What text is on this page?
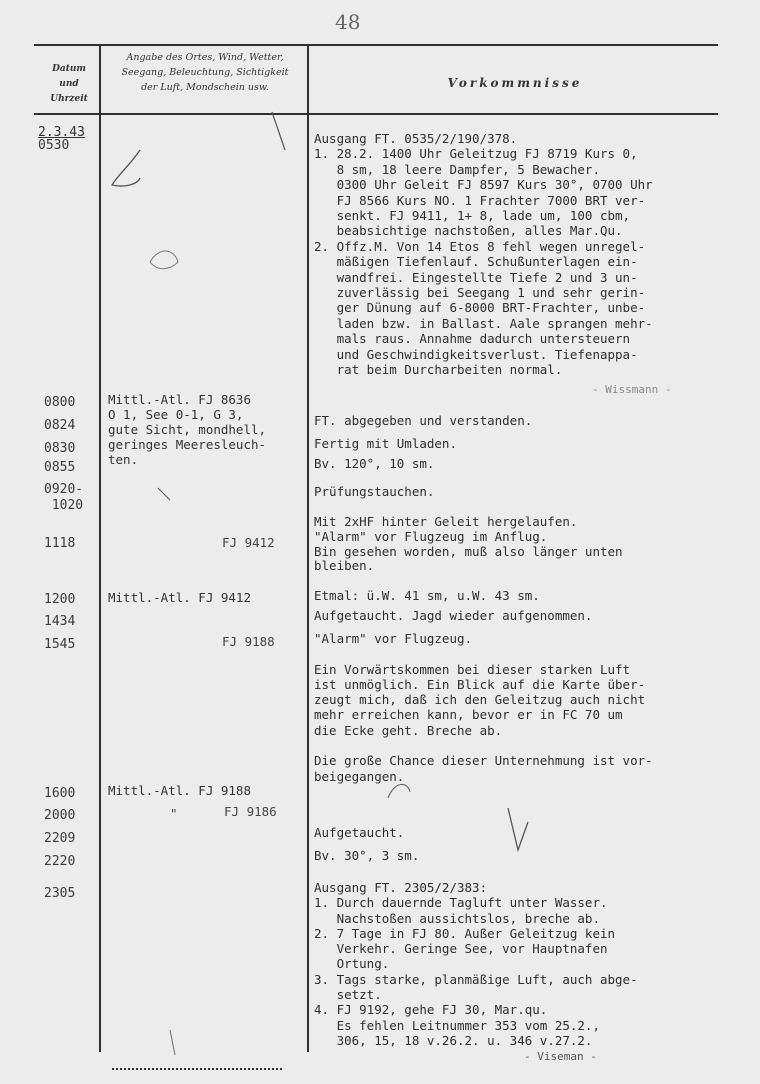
48
Datum
und
Uhrzeit
Angabe des Ortes, Wind, Wetter,
Seegang, Beleuchtung, Sichtigkeit
der Luft, Mondschein usw.	Vorkommnisse
2.3.43
0530
0800
0824
0830
0855
0920-
1020
1118
1200
1434
1545
1600
2000
2209
2220
2305
Mittl.-Atl. FJ 8636
O 1, See 0-1, G 3,
gute Sicht, mondhell,
geringes Meeresleuch-
ten.
FJ 9412
Mittl.-Atl. FJ 9412
FJ 9188
Mittl.-Atl. FJ 9188
"	FJ 9186
Ausgang FT. 0535/2/190/378.
1. 28.2. 1400 Uhr Geleitzug FJ 8719 Kurs 0,
8 sm, 18 leere Dampfer, 5 Bewacher.
0300 Uhr Geleit FJ 8597 Kurs 30°, 0700 Uhr
FJ 8566 Kurs NO. 1 Frachter 7000 BRT ver-
senkt. FJ 9411, 1+ 8, lade um, 100 cbm,
beabsichtige nachstoßen, alles Mar.Qu.
2. Offz.M. Von 14 Etos 8 fehl wegen unregel-
mäßigen Tiefenlauf. Schußunterlagen ein-
wandfrei. Eingestellte Tiefe 2 und 3 un-
zuverlässig bei Seegang 1 und sehr gerin-
ger Dünung auf 6-8000 BRT-Frachter, unbe-
laden bzw. in Ballast. Aale sprangen mehr-
mals raus. Annahme dadurch untersteuern
und Geschwindigkeitsverlust. Tiefenappa-
rat beim Durcharbeiten normal.
FT. abgegeben und verstanden.
Fertig mit Umladen.
Bv. 120°, 10 sm.
Prüfungstauchen.

Mit 2xHF hinter Geleit hergelaufen.
"Alarm" vor Flugzeug im Anflug.
Bin gesehen worden, muß also länger unten
bleiben.
Etmal: ü.W. 41 sm, u.W. 43 sm.
Aufgetaucht. Jagd wieder aufgenommen.
"Alarm" vor Flugzeug.

Ein Vorwärtskommen bei dieser starken Luft
ist unmöglich. Ein Blick auf die Karte über-
zeugt mich, daß ich den Geleitzug auch nicht
mehr erreichen kann, bevor er in FC 70 um
die Ecke geht. Breche ab.

Die große Chance dieser Unternehmung ist vor-
beigegangen.
Aufgetaucht.
Bv. 30°, 3 sm.
Ausgang FT. 2305/2/383:
1. Durch dauernde Tagluft unter Wasser.
Nachstoßen aussichtslos, breche ab.
2. 7 Tage in FJ 80. Außer Geleitzug kein
Verkehr. Geringe See, vor Hauptnafen
Ortung.
3. Tags starke, planmäßige Luft, auch abge-
setzt.
4. FJ 9192, gehe FJ 30, Mar.qu.
Es fehlen Leitnummer 353 vom 25.2.,
306, 15, 18 v.26.2. u. 346 v.27.2.
- Wissmann -
- Viseman -
